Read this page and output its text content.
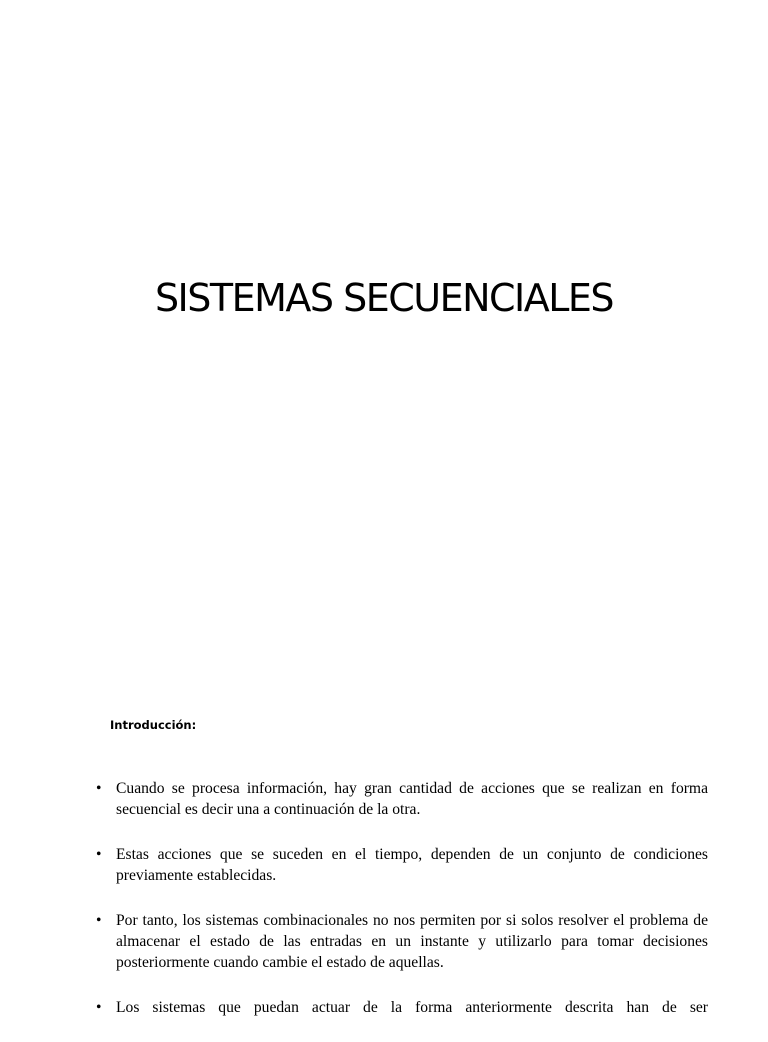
SISTEMAS SECUENCIALES
Introducción:
• Cuando se procesa información, hay gran cantidad de acciones que se realizan en forma secuencial es decir una a continuación de la otra.
• Estas acciones que se suceden en el tiempo, dependen de un conjunto de condiciones previamente establecidas.
• Por tanto, los sistemas combinacionales no nos permiten por si solos resolver el problema de almacenar el estado de las entradas en un instante y utilizarlo para tomar decisiones posteriormente cuando cambie el estado de aquellas.
• Los sistemas que puedan actuar de la forma anteriormente descrita han de ser
